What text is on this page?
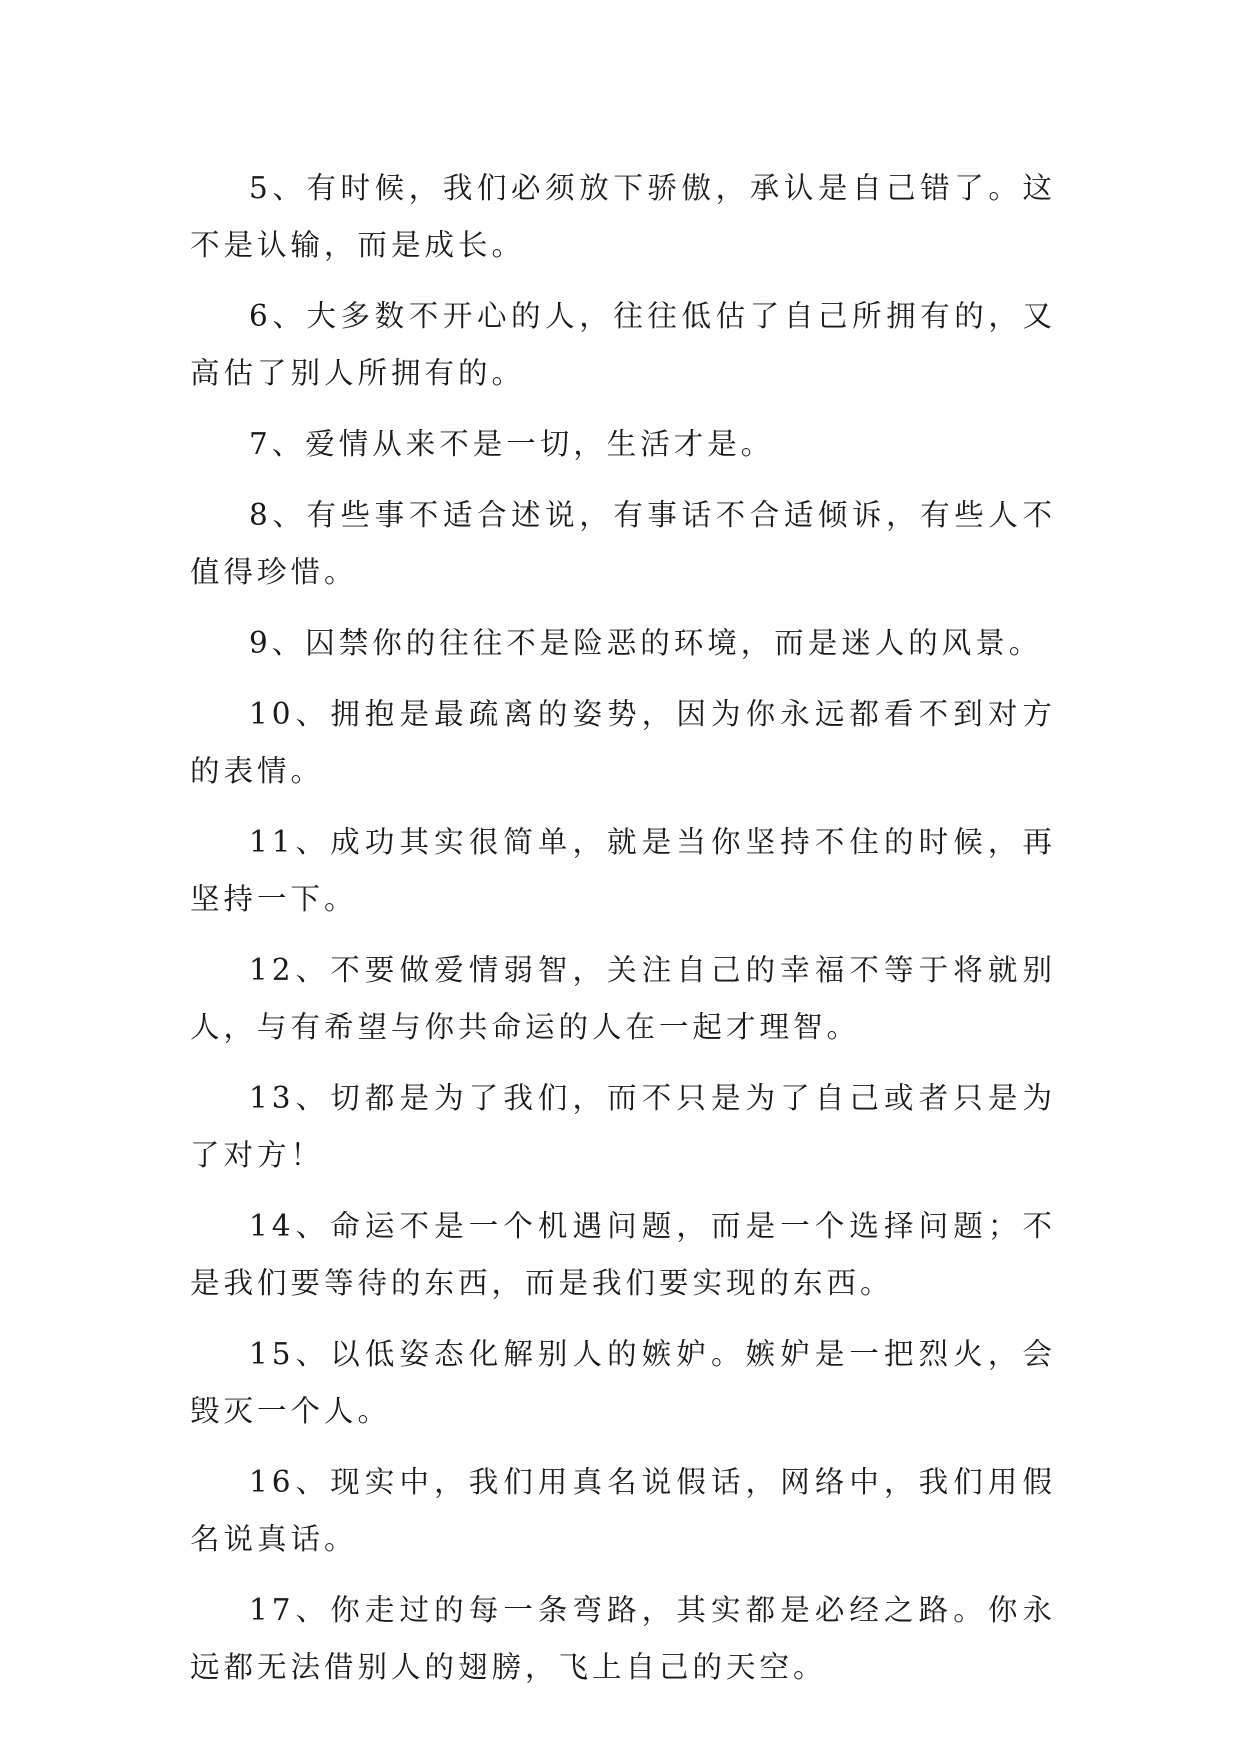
5、有时候，我们必须放下骄傲，承认是自己错了。这不是认输，而是成长。

6、大多数不开心的人，往往低估了自己所拥有的，又高估了别人所拥有的。

7、爱情从来不是一切，生活才是。

8、有些事不适合述说，有事话不合适倾诉，有些人不值得珍惜。

9、囚禁你的往往不是险恶的环境，而是迷人的风景。

10、拥抱是最疏离的姿势，因为你永远都看不到对方的表情。

11、成功其实很简单，就是当你坚持不住的时候，再坚持一下。

12、不要做爱情弱智，关注自己的幸福不等于将就别人，与有希望与你共命运的人在一起才理智。

13、切都是为了我们，而不只是为了自己或者只是为了对方！

14、命运不是一个机遇问题，而是一个选择问题；不是我们要等待的东西，而是我们要实现的东西。

15、以低姿态化解别人的嫉妒。嫉妒是一把烈火，会毁灭一个人。

16、现实中，我们用真名说假话，网络中，我们用假名说真话。

17、你走过的每一条弯路，其实都是必经之路。你永远都无法借别人的翅膀，飞上自己的天空。
